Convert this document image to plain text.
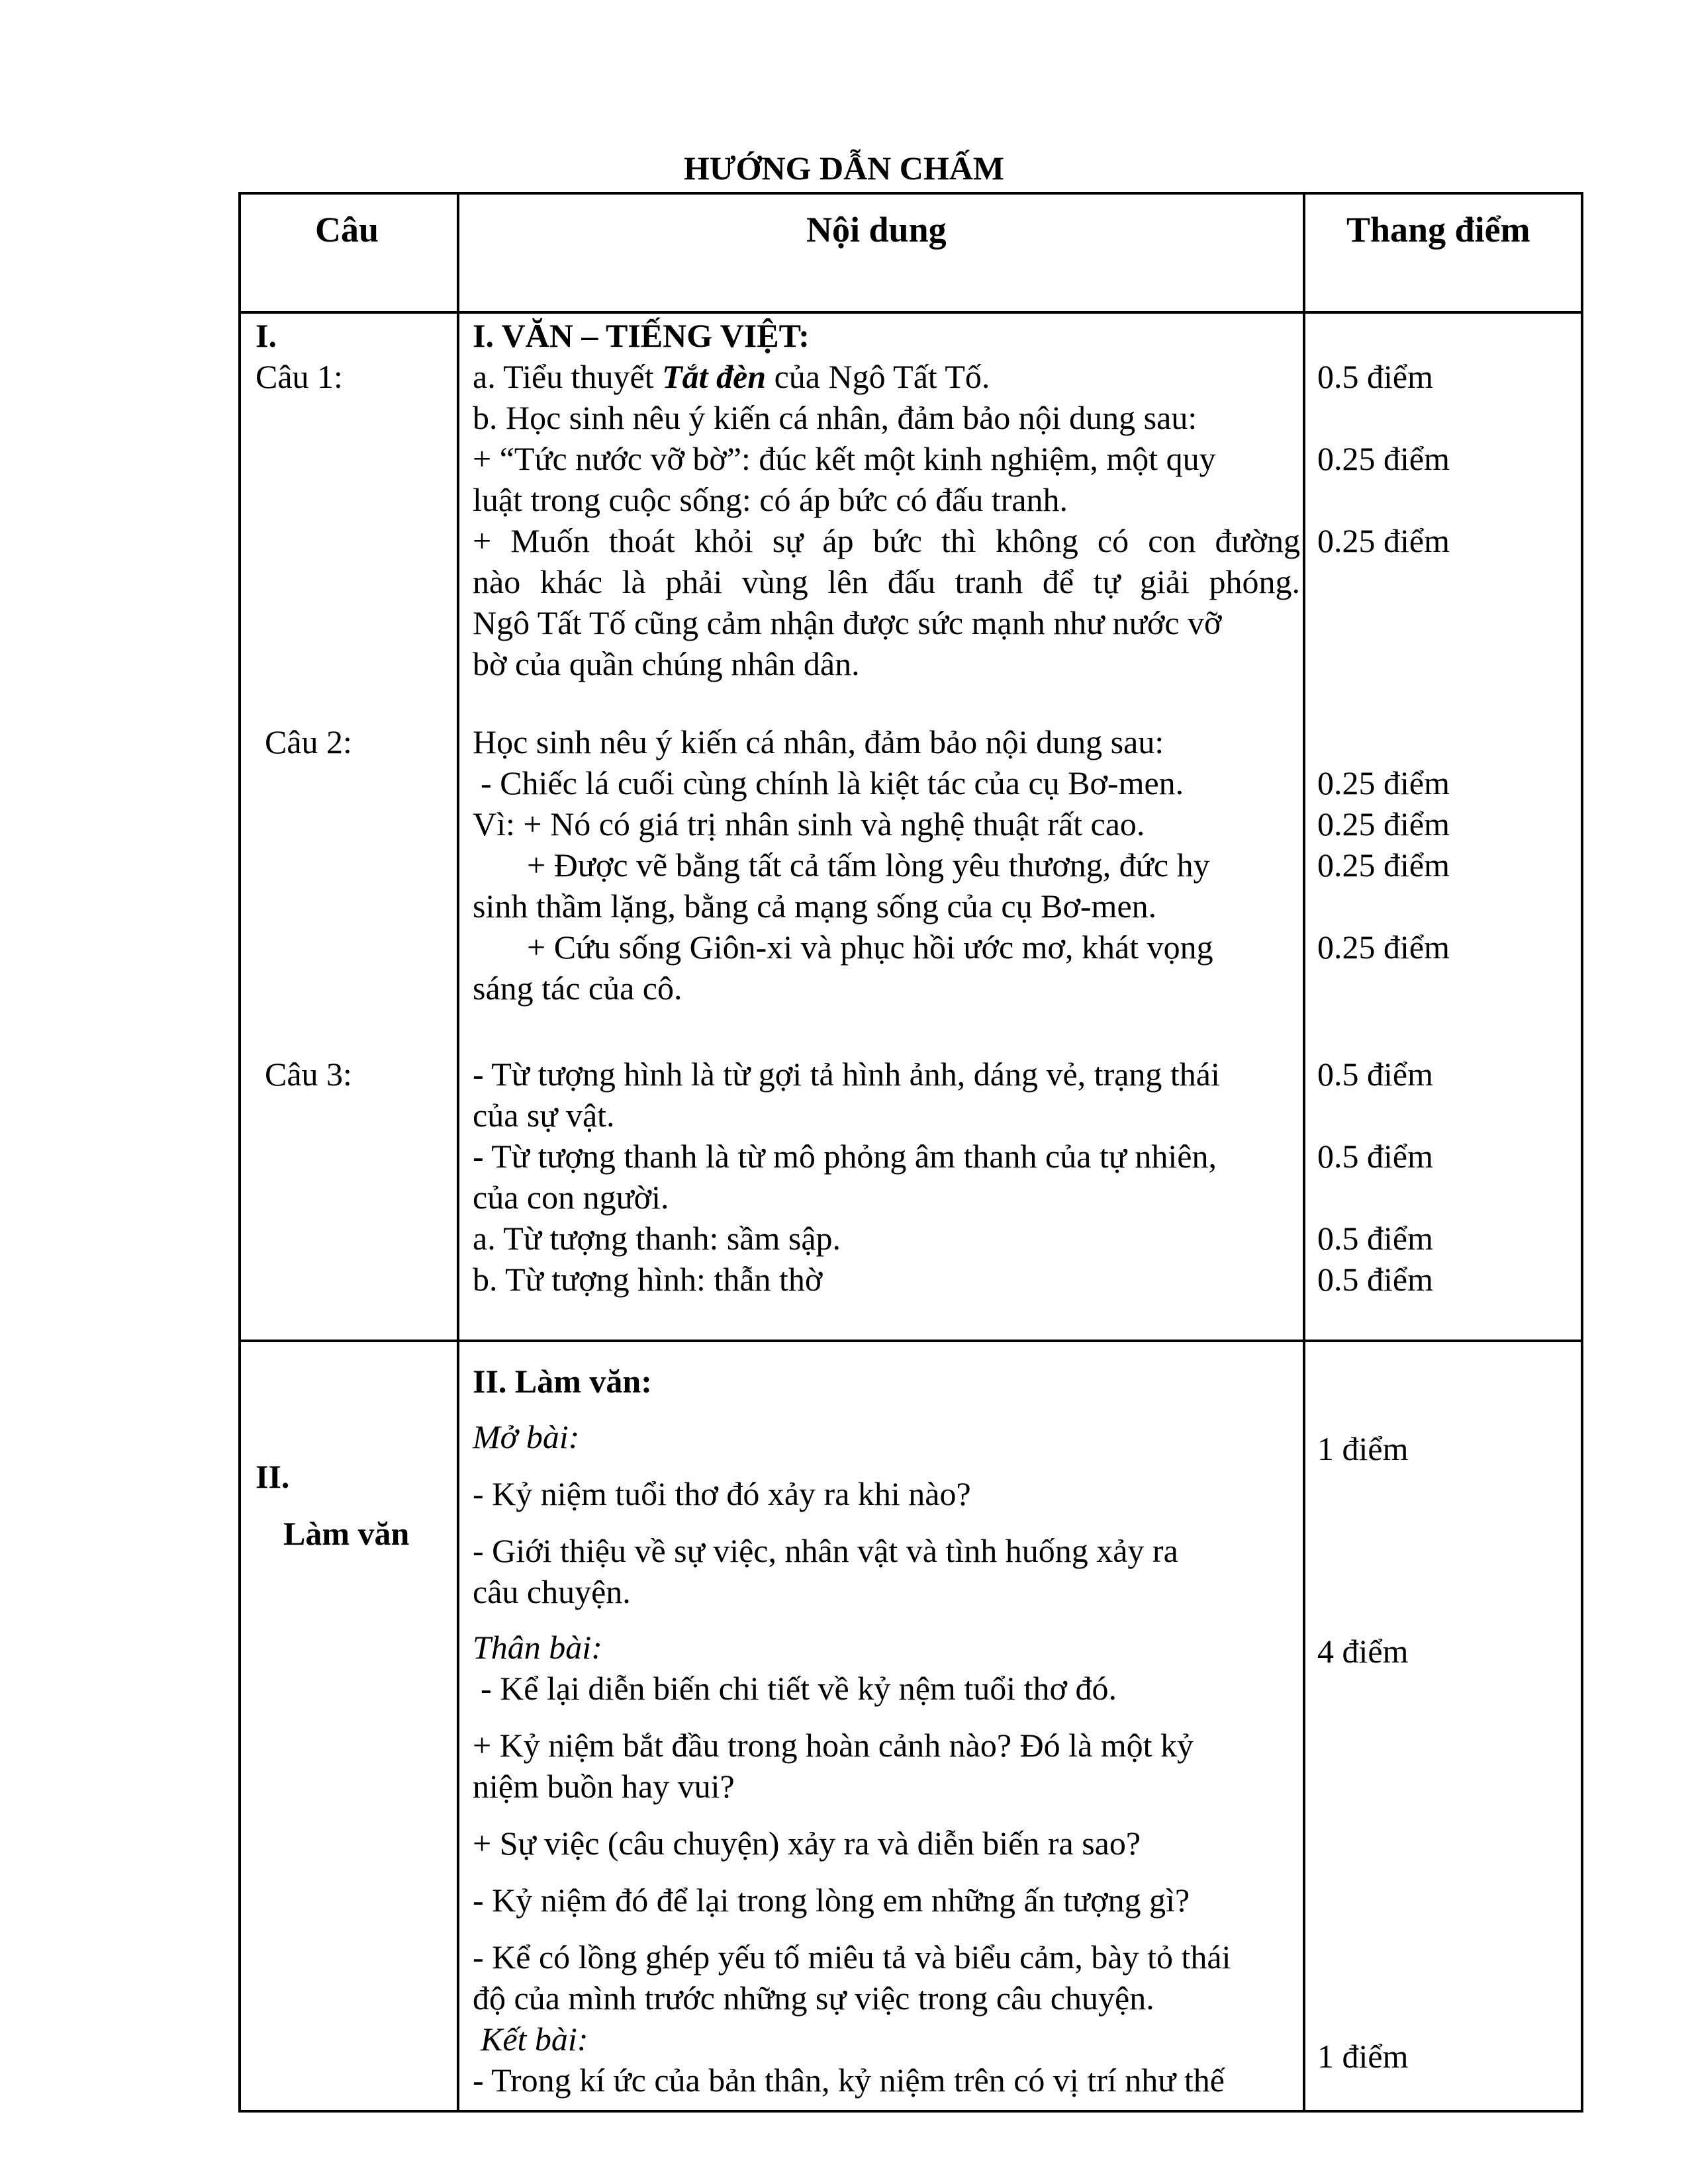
HƯỚNG DẪN CHẤM
Câu	Nội dung	Thang điểm
I.
Câu 1:
Câu 2:
Câu 3:
I. VĂN – TIẾNG VIỆT:
a. Tiểu thuyết Tắt đèn của Ngô Tất Tố.
b. Học sinh nêu ý kiến cá nhân, đảm bảo nội dung sau:
+ “Tức nước vỡ bờ”: đúc kết một kinh nghiệm, một quy
luật trong cuộc sống: có áp bức có đấu tranh.
+ Muốn thoát khỏi sự áp bức thì không có con đường
nào khác là phải vùng lên đấu tranh để tự giải phóng.
Ngô Tất Tố cũng cảm nhận được sức mạnh như nước vỡ
bờ của quần chúng nhân dân.
Học sinh nêu ý kiến cá nhân, đảm bảo nội dung sau:
- Chiếc lá cuối cùng chính là kiệt tác của cụ Bơ-men.
Vì: + Nó có giá trị nhân sinh và nghệ thuật rất cao.
+ Được vẽ bằng tất cả tấm lòng yêu thương, đức hy
sinh thầm lặng, bằng cả mạng sống của cụ Bơ-men.
+ Cứu sống Giôn-xi và phục hồi ước mơ, khát vọng
sáng tác của cô.
- Từ tượng hình là từ gợi tả hình ảnh, dáng vẻ, trạng thái
của sự vật.
- Từ tượng thanh là từ mô phỏng âm thanh của tự nhiên,
của con người.
a. Từ tượng thanh: sầm sập.
b. Từ tượng hình: thẫn thờ
0.5 điểm
0.25 điểm
0.25 điểm
0.25 điểm
0.25 điểm
0.25 điểm
0.25 điểm
0.5 điểm
0.5 điểm
0.5 điểm
0.5 điểm
II.
Làm văn
II. Làm văn:
Mở bài:
- Kỷ niệm tuổi thơ đó xảy ra khi nào?
- Giới thiệu về sự việc, nhân vật và tình huống xảy ra
câu chuyện.
Thân bài:
- Kể lại diễn biến chi tiết về kỷ nệm tuổi thơ đó.
+ Kỷ niệm bắt đầu trong hoàn cảnh nào? Đó là một kỷ
niệm buồn hay vui?
+ Sự việc (câu chuyện) xảy ra và diễn biến ra sao?
- Kỷ niệm đó để lại trong lòng em những ấn tượng gì?
- Kể có lồng ghép yếu tố miêu tả và biểu cảm, bày tỏ thái
độ của mình trước những sự việc trong câu chuyện.
Kết bài:
- Trong kí ức của bản thân, kỷ niệm trên có vị trí như thế
1 điểm
4 điểm
1 điểm
